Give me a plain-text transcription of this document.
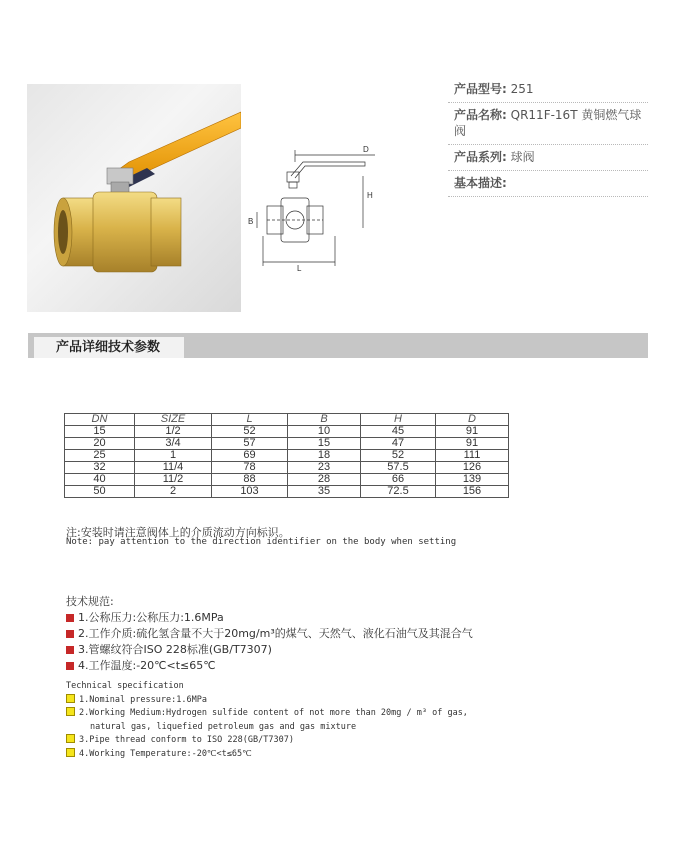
D
H
L
B
产品型号: 251
产品名称: QR11F-16T 黄铜燃气球阀
产品系列: 球阀
基本描述:
产品详细技术参数
DN	SIZE	L	B	H	D
15	1/2	52	10	45	91
20	3/4	57	15	47	91
25	1	69	18	52	111
32	11/4	78	23	57.5	126
40	11/2	88	28	66	139
50	2	103	35	72.5	156
注:安装时请注意阀体上的介质流动方向标识。
Note: pay attention to the direction identifier on the body when setting
技术规范:
1.公称压力:公称压力:1.6MPa
2.工作介质:硫化氢含量不大于20mg/m³的煤气、天然气、液化石油气及其混合气
3.管螺纹符合ISO 228标准(GB/T7307)
4.工作温度:-20℃<t≤65℃
Technical specification
1.Nominal pressure:1.6MPa
2.Working Medium:Hydrogen sulfide content of not more than 20mg / m³ of gas,
natural gas, liquefied petroleum gas and gas mixture
3.Pipe thread conform to ISO 228(GB/T7307)
4.Working Temperature:-20℃<t≤65℃
